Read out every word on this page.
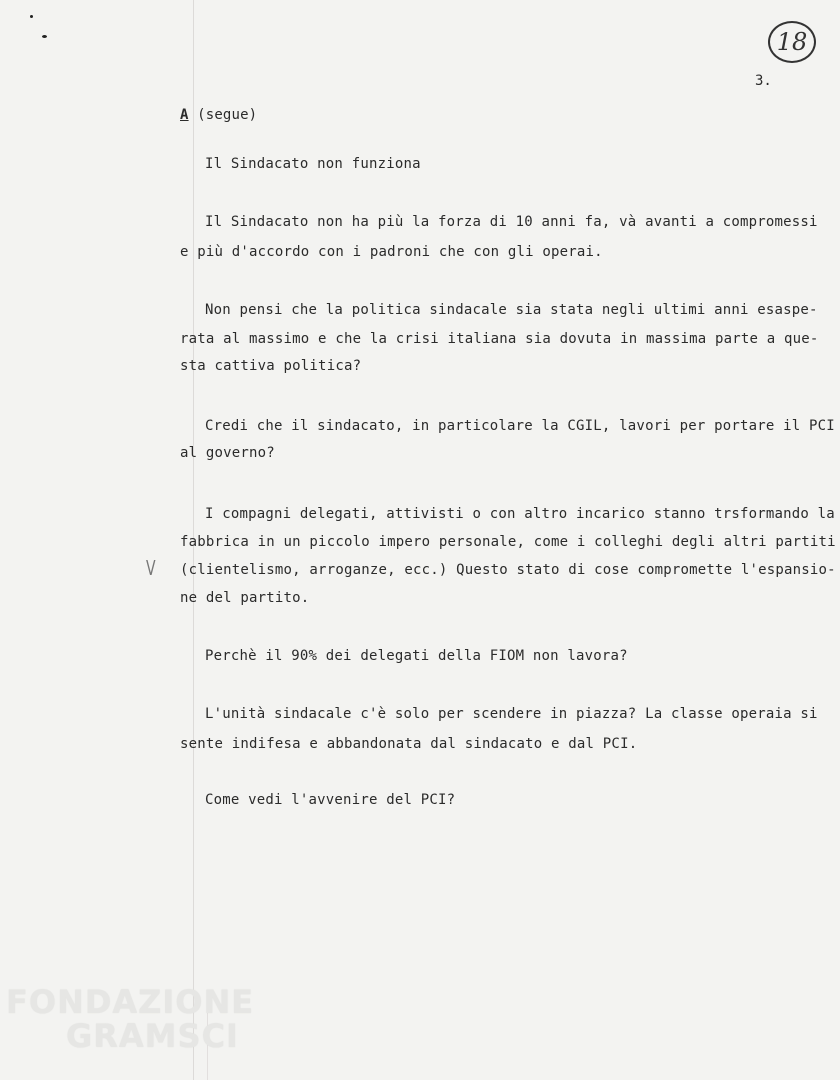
18
3.
A (segue)
Il Sindacato non funziona
Il Sindacato non ha più la forza di 10 anni fa, và avanti a compromessi
e più d'accordo con i padroni che con gli operai.
Non pensi che la politica sindacale sia stata negli ultimi anni esaspe-
rata al massimo e che la crisi italiana sia dovuta in massima parte a que-
sta cattiva politica?
Credi che il sindacato, in particolare la CGIL, lavori per portare il PCI
al governo?
I compagni delegati, attivisti o con altro incarico stanno trsformando la
fabbrica in un piccolo impero personale, come i colleghi degli altri partiti
(clientelismo, arroganze, ecc.) Questo stato di cose compromette l'espansio-
ne del partito.
V
Perchè il 90% dei delegati della FIOM non lavora?
L'unità sindacale c'è solo per scendere in piazza? La classe operaia si
sente indifesa e abbandonata dal sindacato e dal PCI.
Come vedi l'avvenire del PCI?
FONDAZIONE
GRAMSCI
